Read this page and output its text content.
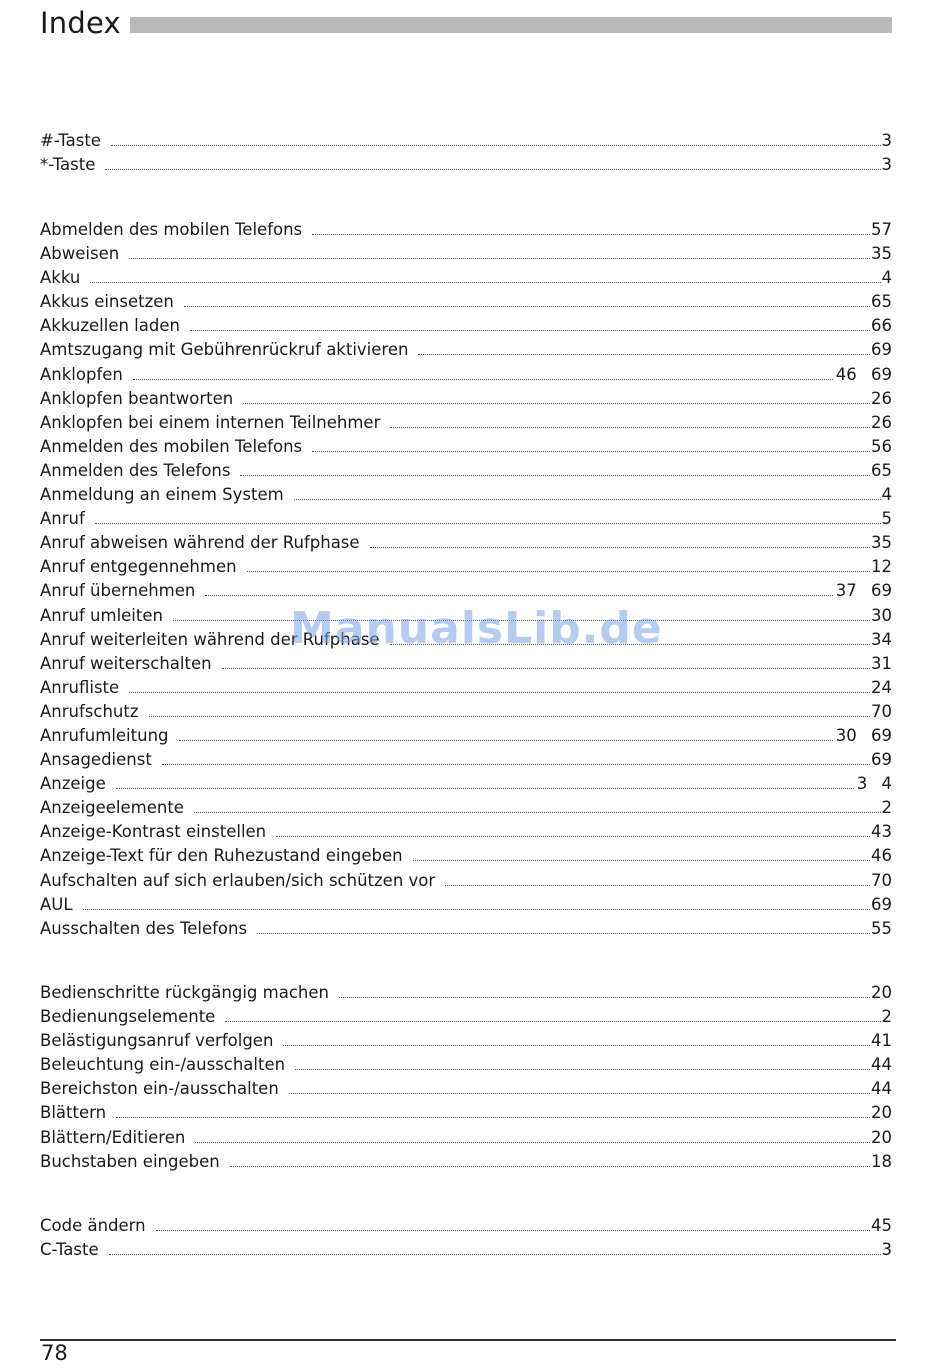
Index
#-Taste	3
*-Taste	3
Abmelden des mobilen Telefons	57
Abweisen	35
Akku	4
Akkus einsetzen	65
Akkuzellen laden	66
Amtszugang mit Gebührenrückruf aktivieren	69
Anklopfen	46 69
Anklopfen beantworten	26
Anklopfen bei einem internen Teilnehmer	26
Anmelden des mobilen Telefons	56
Anmelden des Telefons	65
Anmeldung an einem System	4
Anruf	5
Anruf abweisen während der Rufphase	35
Anruf entgegennehmen	12
Anruf übernehmen	37 69
Anruf umleiten	30
Anruf weiterleiten während der Rufphase	34
Anruf weiterschalten	31
Anrufliste	24
Anrufschutz	70
Anrufumleitung	30 69
Ansagedienst	69
Anzeige	3 4
Anzeigeelemente	2
Anzeige-Kontrast einstellen	43
Anzeige-Text für den Ruhezustand eingeben	46
Aufschalten auf sich erlauben/sich schützen vor	70
AUL	69
Ausschalten des Telefons	55
Bedienschritte rückgängig machen	20
Bedienungselemente	2
Belästigungsanruf verfolgen	41
Beleuchtung ein-/ausschalten	44
Bereichston ein-/ausschalten	44
Blättern	20
Blättern/Editieren	20
Buchstaben eingeben	18
Code ändern	45
C-Taste	3
ManualsLib.de
78
